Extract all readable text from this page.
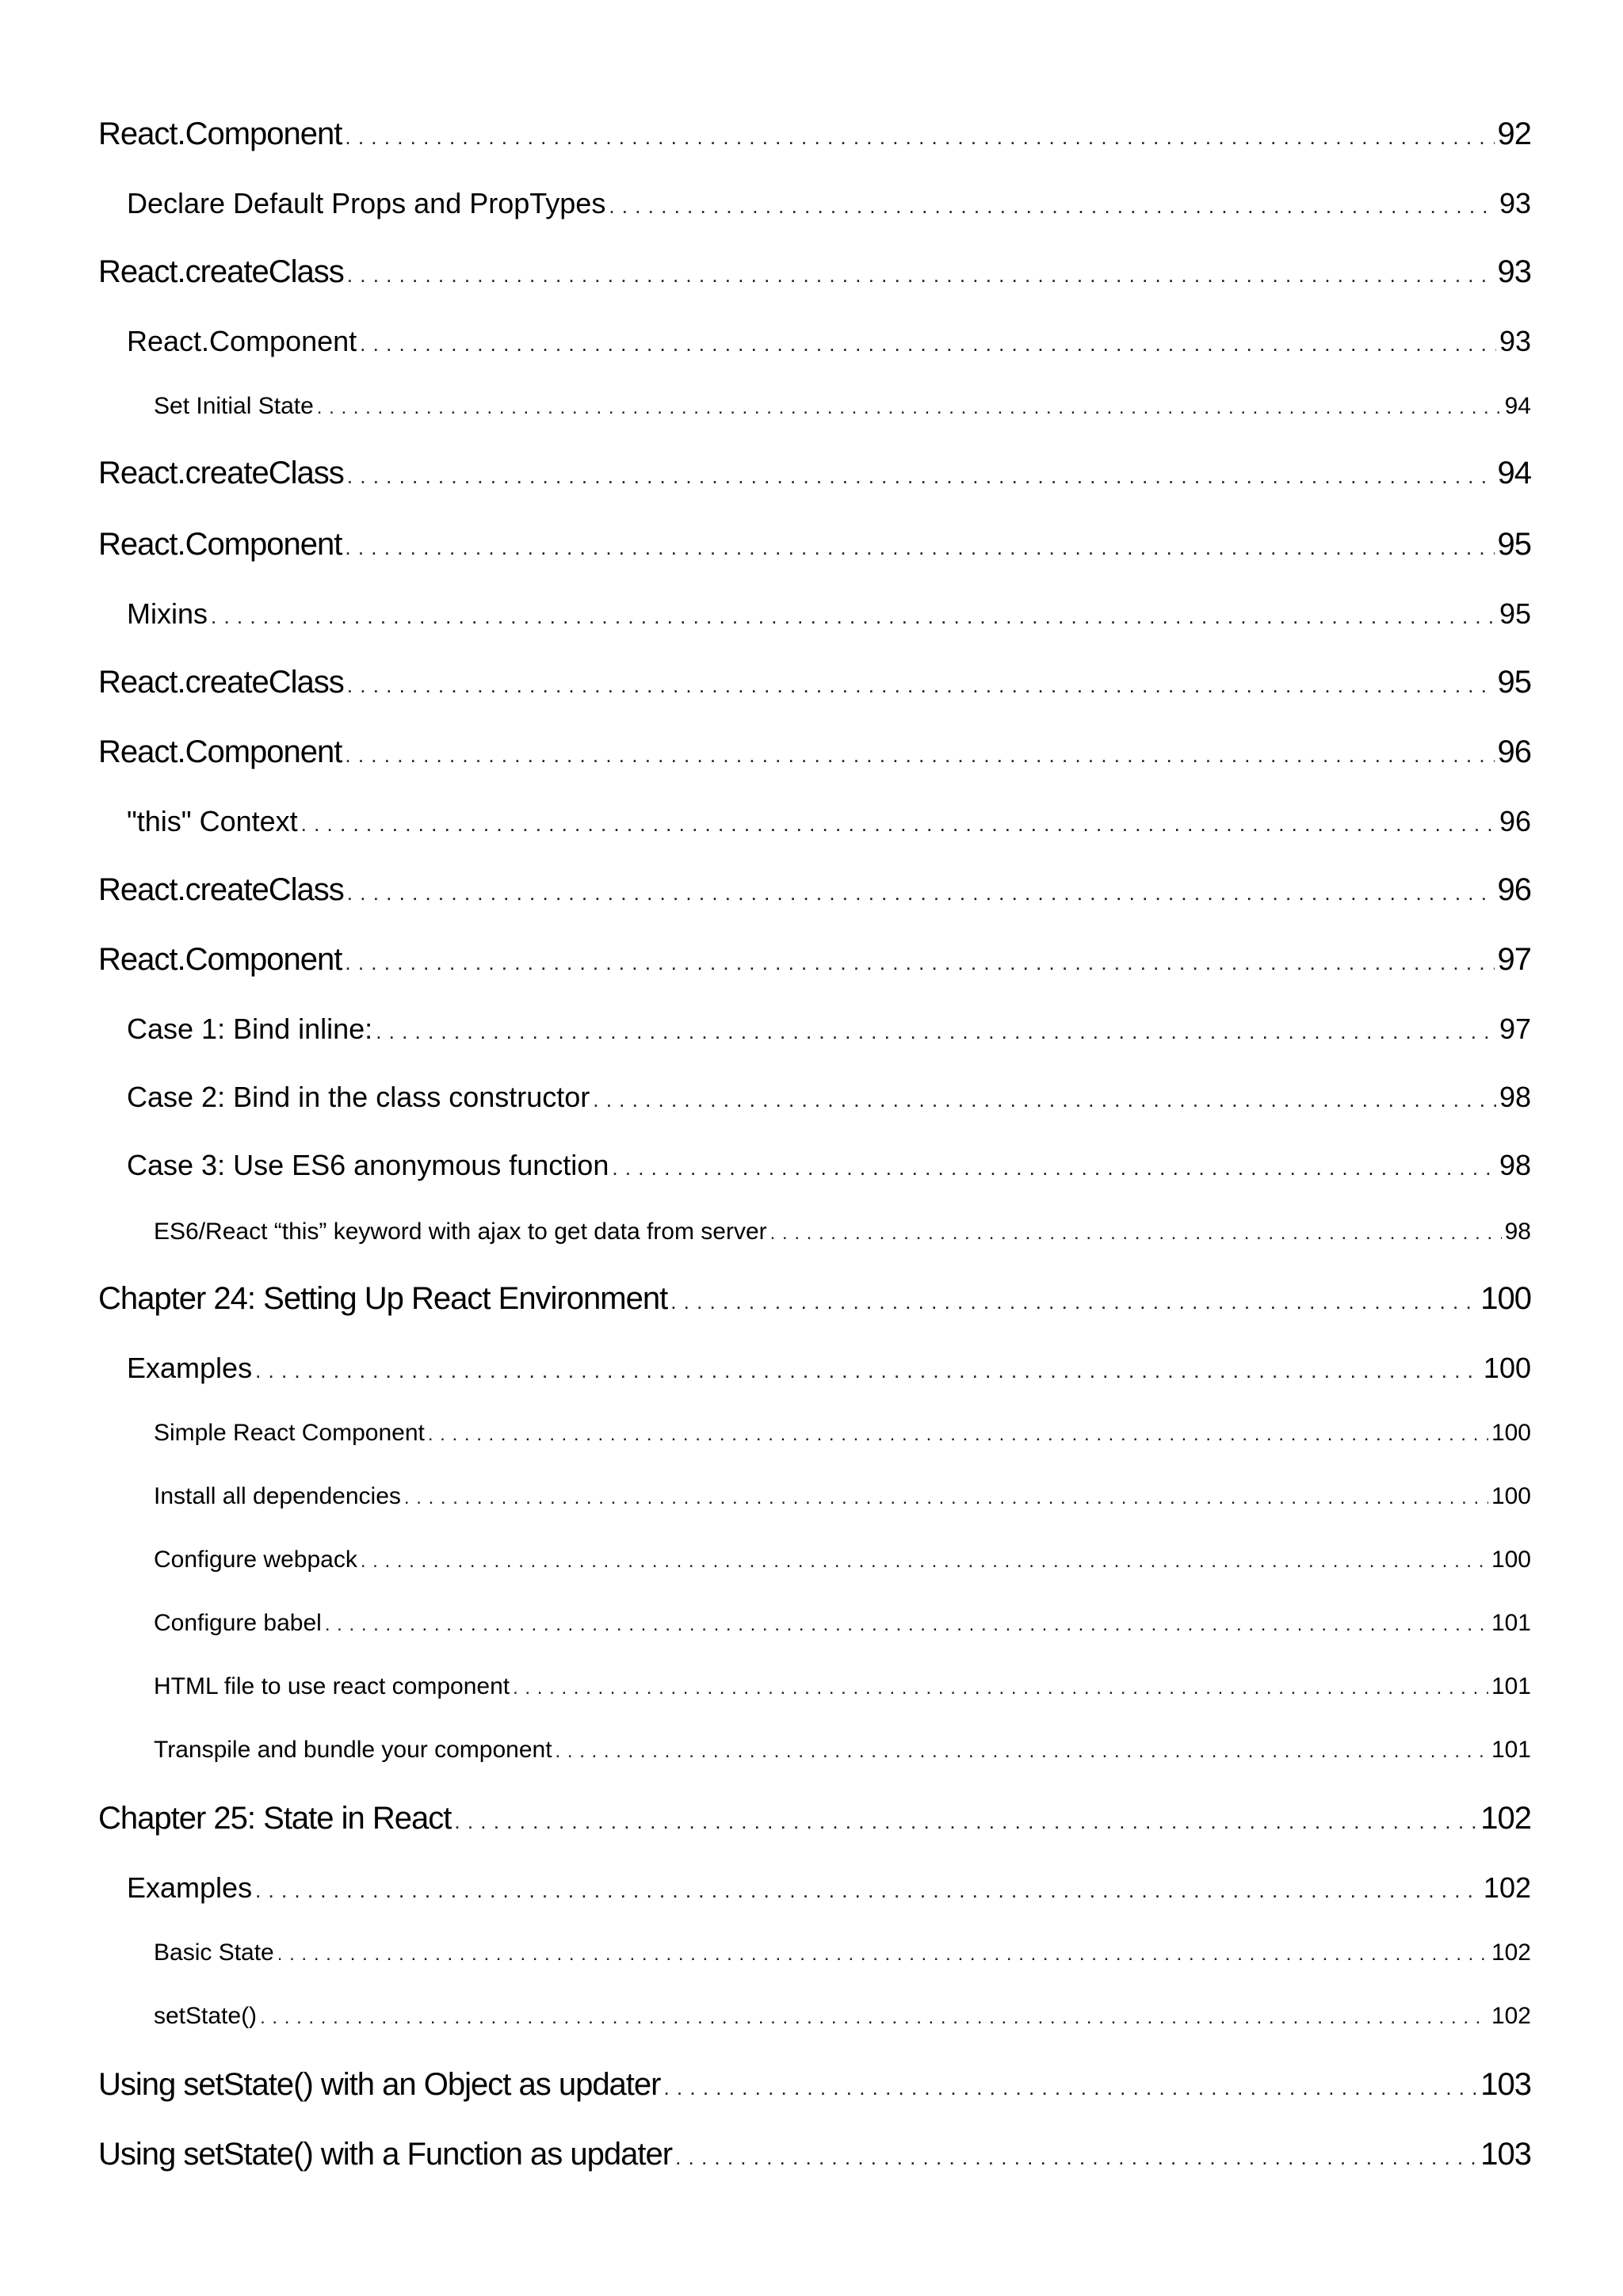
React.Component . . .	92
Declare Default Props and PropTypes . . .	93
React.createClass . . .	93
React.Component . . .	93
Set Initial State . . .	94
React.createClass . . .	94
React.Component . . .	95
Mixins . . .	95
React.createClass . . .	95
React.Component . . .	96
"this" Context . . .	96
React.createClass . . .	96
React.Component . . .	97
Case 1: Bind inline: . . .	97
Case 2: Bind in the class constructor . . .	98
Case 3: Use ES6 anonymous function . . .	98
ES6/React “this” keyword with ajax to get data from server . . .	98
Chapter 24: Setting Up React Environment . . .	100
Examples . . .	100
Simple React Component . . .	100
Install all dependencies . . .	100
Configure webpack . . .	100
Configure babel . . .	101
HTML file to use react component . . .	101
Transpile and bundle your component . . .	101
Chapter 25: State in React . . .	102
Examples . . .	102
Basic State . . .	102
setState() . . .	102
Using setState() with an Object as updater . . .	103
Using setState() with a Function as updater . . .	103
